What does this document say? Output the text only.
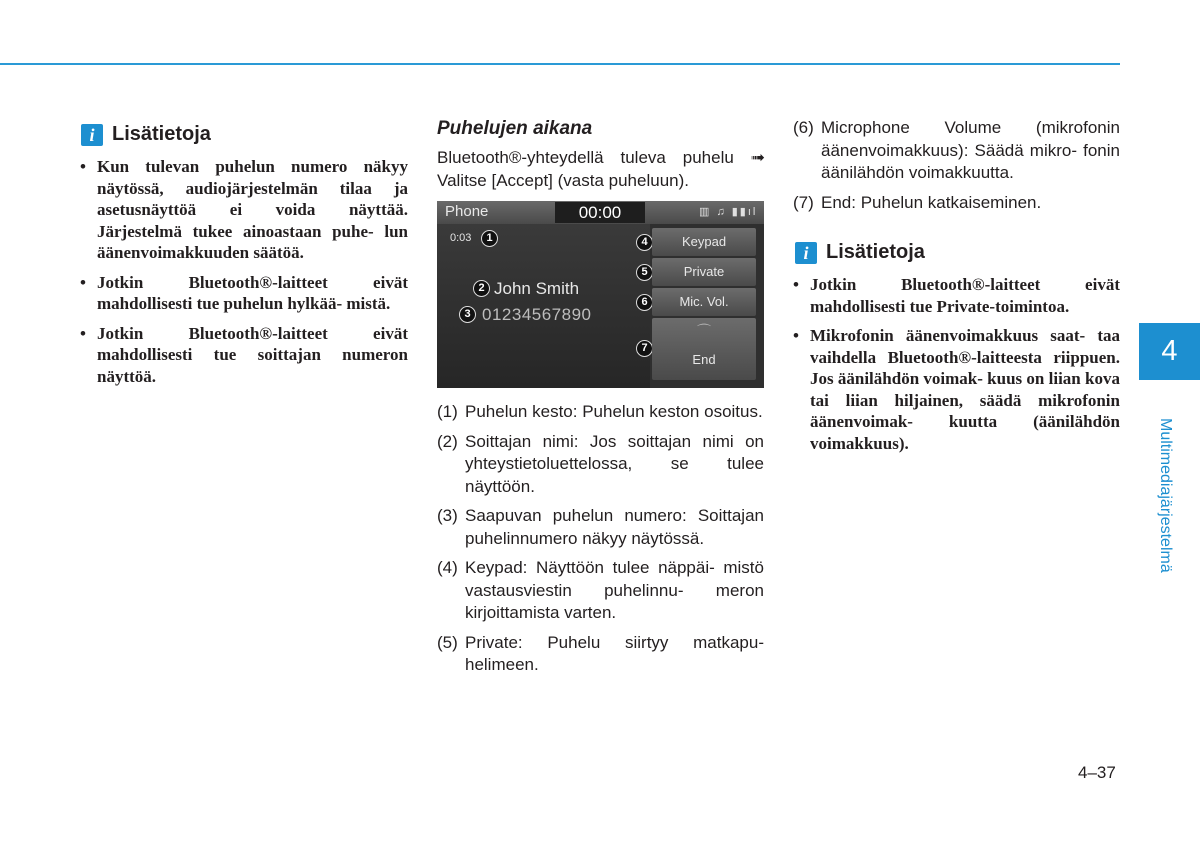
i Lisätietoja
• Kun tulevan puhelun numero näkyy näytössä, audiojärjestelmän tilaa ja asetusnäyttöä ei voida näyttää. Järjestelmä tukee ainoastaan puhe- lun äänenvoimakkuuden säätöä.
• Jotkin Bluetooth®-laitteet eivät mahdollisesti tue puhelun hylkää- mistä.
• Jotkin Bluetooth®-laitteet eivät mahdollisesti tue soittajan numeron näyttöä.
Puhelujen aikana
Bluetooth®-yhteydellä tuleva puhelu ➟ Valitse [Accept] (vasta puheluun).
Phone	00:00	▥ ♫ ▮▮ıl
0:03	1
2 John Smith
3 01234567890
4	Keypad
5	Private
6	Mic. Vol.
7
⌒
End
(1) Puhelun kesto: Puhelun keston osoitus.
(2) Soittajan nimi: Jos soittajan nimi on yhteystietoluettelossa, se tulee näyttöön.
(3) Saapuvan puhelun numero: Soittajan puhelinnumero näkyy näytössä.
(4) Keypad: Näyttöön tulee näppäi- mistö vastausviestin puhelinnu- meron kirjoittamista varten.
(5) Private: Puhelu siirtyy matkapu- helimeen.
(6) Microphone Volume (mikrofonin äänenvoimakkuus): Säädä mikro- fonin äänilähdön voimakkuutta.
(7) End: Puhelun katkaiseminen.
i Lisätietoja
• Jotkin Bluetooth®-laitteet eivät mahdollisesti tue Private-toimintoa.
• Mikrofonin äänenvoimakkuus saat- taa vaihdella Bluetooth®-laitteesta riippuen. Jos äänilähdön voimak- kuus on liian kova tai liian hiljainen, säädä mikrofonin äänenvoimak- kuutta (äänilähdön voimakkuus).
4
Multimediajärjestelmä
4–37
